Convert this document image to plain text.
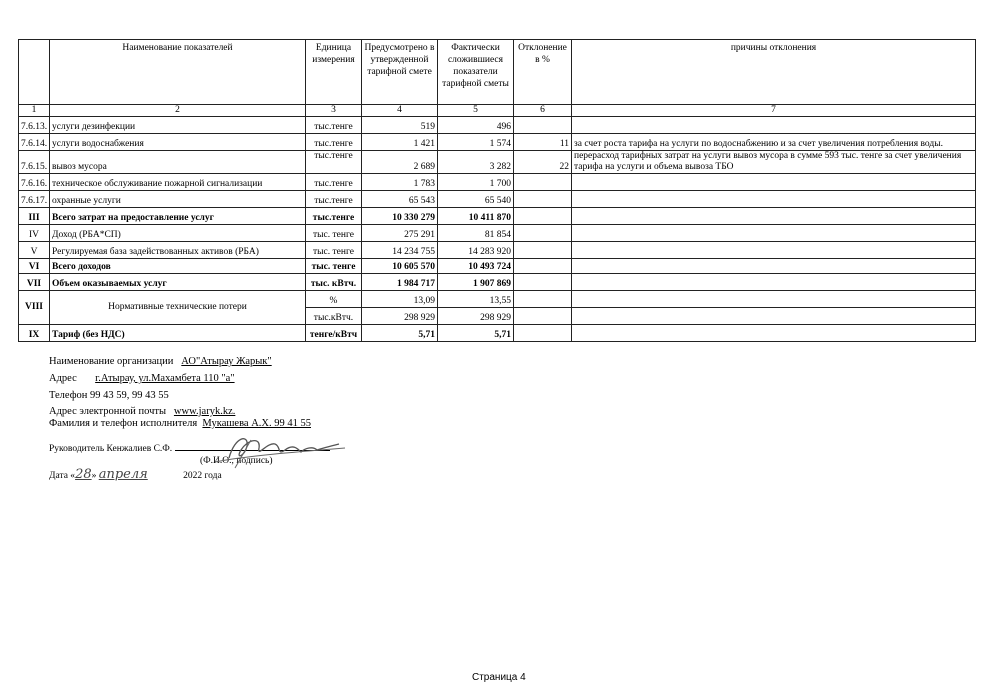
	Наименование показателей	Единица измерения	Предусмотрено в утвержденной тарифной смете	Фактически сложившиеся показатели тарифной сметы	Отклонение в %	причины отклонения
1	2	3	4	5	6	7
7.6.13.	услуги дезинфекции	тыс.тенге	519	496		
7.6.14.	услуги водоснабжения	тыс.тенге	1 421	1 574	11	за счет роста тарифа на услуги по водоснабжению и за счет увеличения потребления воды.
7.6.15.	вывоз мусора	тыс.тенге	2 689	3 282	22	перерасход тарифных затрат на услуги вывоз мусора в сумме 593 тыс. тенге за счет увеличения тарифа на услуги и объема вывоза ТБО
7.6.16.	техническое обслуживание пожарной сигнализации	тыс.тенге	1 783	1 700		
7.6.17.	охранные услуги	тыс.тенге	65 543	65 540		
III	Всего затрат на предоставление услуг	тыс.тенге	10 330 279	10 411 870		
IV	Доход (РБА*СП)	тыс. тенге	275 291	81 854		
V	Регулируемая база задействованных активов (РБА)	тыс. тенге	14 234 755	14 283 920		
VI	Всего доходов	тыс. тенге	10 605 570	10 493 724		
VII	Объем оказываемых услуг	тыс. кВтч.	1 984 717	1 907 869		
VIII	Нормативные технические потери	%	13,09	13,55		
		тыс.кВтч.	298 929	298 929		
IX	Тариф (без НДС)	тенге/кВтч	5,71	5,71		
Наименование организации АО"Атырау Жарык"
Адрес г.Атырау, ул.Махамбета 110 "а"
Телефон 99 43 59, 99 43 55
Адрес электронной почты www.jaryk.kz.
Фамилия и телефон исполнителя Мукашева А.Х. 99 41 55
Руководитель Кенжалиев С.Ф.
(Ф.И.О., подпись)
Дата «28» апреля	2022 года
Страница 4
